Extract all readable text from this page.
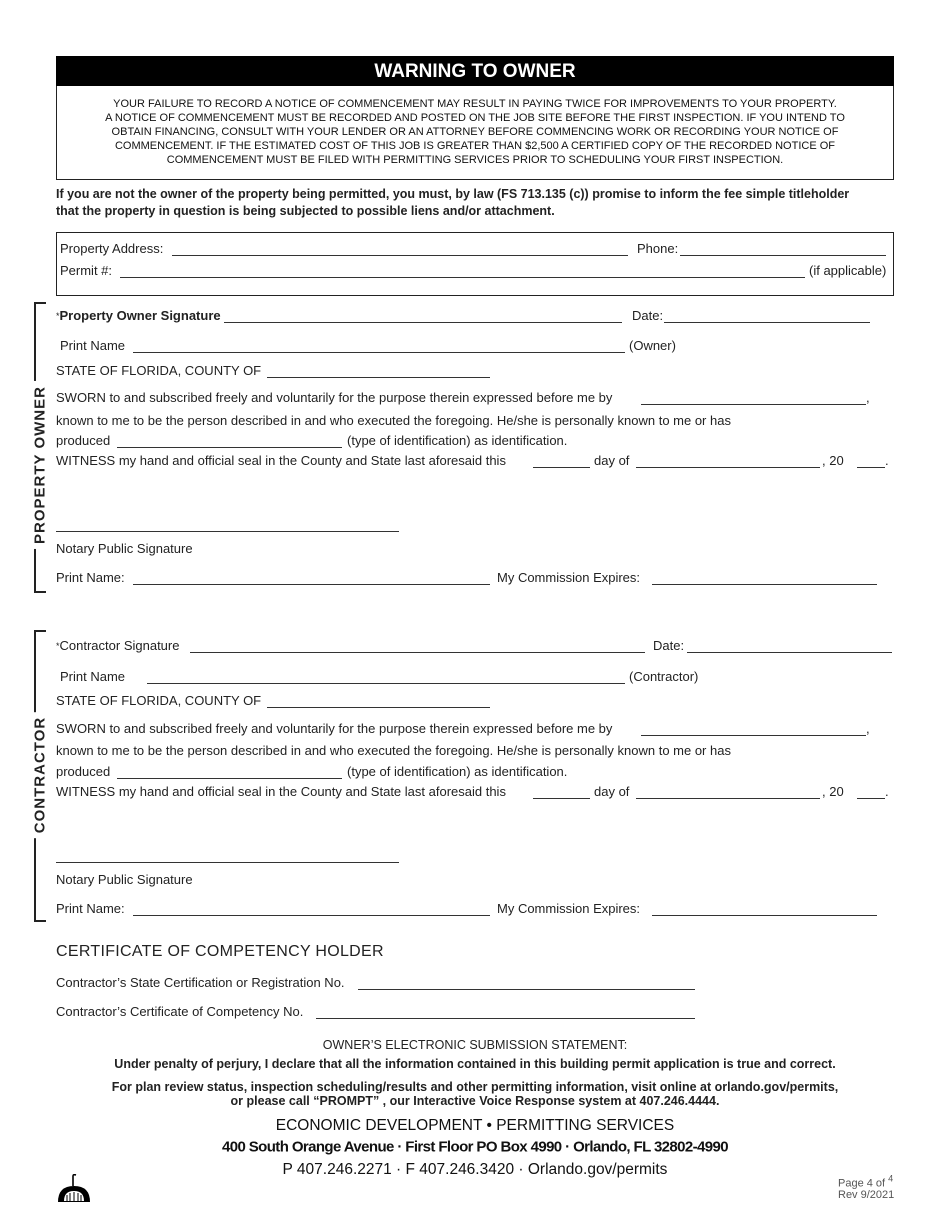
WARNING TO OWNER
YOUR FAILURE TO RECORD A NOTICE OF COMMENCEMENT MAY RESULT IN PAYING TWICE FOR IMPROVEMENTS TO YOUR PROPERTY.
A NOTICE OF COMMENCEMENT MUST BE RECORDED AND POSTED ON THE JOB SITE BEFORE THE FIRST INSPECTION. IF YOU INTEND TO
OBTAIN FINANCING, CONSULT WITH YOUR LENDER OR AN ATTORNEY BEFORE COMMENCING WORK OR RECORDING YOUR NOTICE OF
COMMENCEMENT. IF THE ESTIMATED COST OF THIS JOB IS GREATER THAN $2,500 A CERTIFIED COPY OF THE RECORDED NOTICE OF
COMMENCEMENT MUST BE FILED WITH PERMITTING SERVICES PRIOR TO SCHEDULING YOUR FIRST INSPECTION.
If you are not the owner of the property being permitted, you must, by law (FS 713.135 (c)) promise to inform the fee simple titleholder
that the property in question is being subjected to possible liens and/or attachment.
Property Address:	Phone:
Permit #:	(if applicable)
PROPERTY OWNER
*Property Owner Signature	Date:
Print Name	(Owner)
STATE OF FLORIDA, COUNTY OF
SWORN to and subscribed freely and voluntarily for the purpose therein expressed before me by	,
known to me to be the person described in and who executed the foregoing. He/she is personally known to me or has
produced	(type of identification) as identification.
WITNESS my hand and official seal in the County and State last aforesaid this	day of	, 20	.
Notary Public Signature
Print Name:	My Commission Expires:
CONTRACTOR
*Contractor Signature	Date:
Print Name	(Contractor)
STATE OF FLORIDA, COUNTY OF
SWORN to and subscribed freely and voluntarily for the purpose therein expressed before me by	,
known to me to be the person described in and who executed the foregoing. He/she is personally known to me or has
produced	(type of identification) as identification.
WITNESS my hand and official seal in the County and State last aforesaid this	day of	, 20	.
Notary Public Signature
Print Name:	My Commission Expires:
CERTIFICATE OF COMPETENCY HOLDER
Contractor’s State Certification or Registration No.
Contractor’s Certificate of Competency No.
OWNER’S ELECTRONIC SUBMISSION STATEMENT:
Under penalty of perjury, I declare that all the information contained in this building permit application is true and correct.
For plan review status, inspection scheduling/results and other permitting information, visit online at orlando.gov/permits,
or please call “PROMPT” , our Interactive Voice Response system at 407.246.4444.
ECONOMIC DEVELOPMENT • PERMITTING SERVICES
400 South Orange Avenue · First Floor PO Box 4990 · Orlando, FL 32802-4990
P 407.246.2271 · F 407.246.3420 · Orlando.gov/permits
Page 4 of $^4$
Rev 9/2021
